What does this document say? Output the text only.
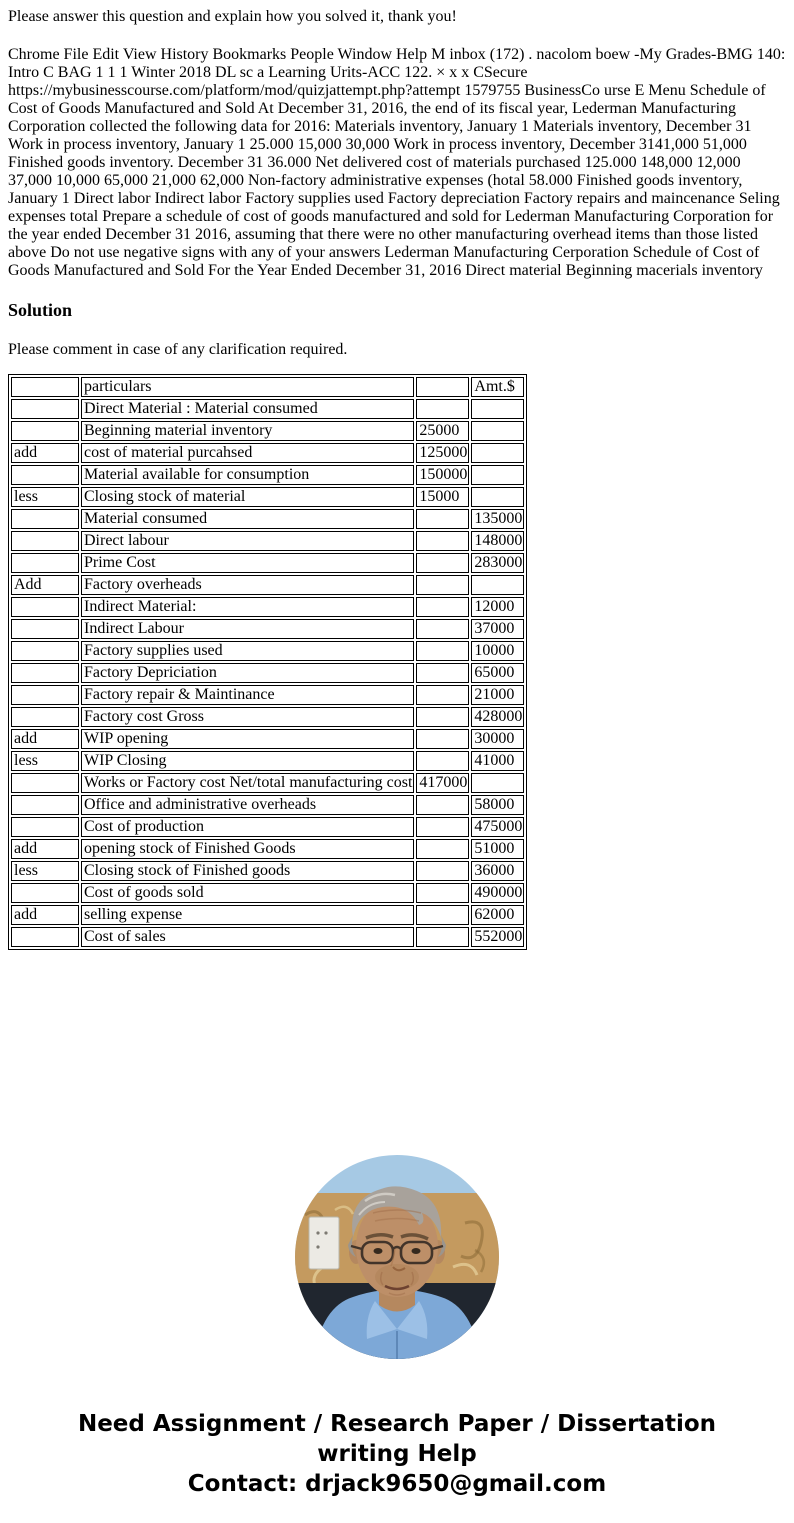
Please answer this question and explain how you solved it, thank you!

Chrome File Edit View History Bookmarks People Window Help M inbox (172) . nacolom boew -My Grades-BMG 140: Intro C BAG 1 1 1 Winter 2018 DL sc a Learning Urits-ACC 122. × x x CSecure https://mybusinesscourse.com/platform/mod/quizjattempt.php?attempt 1579755 BusinessCo urse E Menu Schedule of Cost of Goods Manufactured and Sold At December 31, 2016, the end of its fiscal year, Lederman Manufacturing Corporation collected the following data for 2016: Materials inventory, January 1 Materials inventory, December 31 Work in process inventory, January 1 25.000 15,000 30,000 Work in process inventory, December 3141,000 51,000 Finished goods inventory. December 31 36.000 Net delivered cost of materials purchased 125.000 148,000 12,000 37,000 10,000 65,000 21,000 62,000 Non-factory administrative expenses (hotal 58.000 Finished goods inventory, January 1 Direct labor Indirect labor Factory supplies used Factory depreciation Factory repairs and maincenance Seling expenses total Prepare a schedule of cost of goods manufactured and sold for Lederman Manufacturing Corporation for the year ended December 31 2016, assuming that there were no other manufacturing overhead items than those listed above Do not use negative signs with any of your answers Lederman Manufacturing Cerporation Schedule of Cost of Goods Manufactured and Sold For the Year Ended December 31, 2016 Direct material Beginning macerials inventory

Solution

Please comment in case of any clarification required.

	particulars		Amt.$
	Direct Material : Material consumed		
	Beginning material inventory	25000	
add	cost of material purcahsed	125000	
	Material available for consumption	150000	
less	Closing stock of material	15000	
	Material consumed		135000
	Direct labour		148000
	Prime Cost		283000
Add	Factory overheads		
	Indirect Material:		12000
	Indirect Labour		37000
	Factory supplies used		10000
	Factory Depriciation		65000
	Factory repair & Maintinance		21000
	Factory cost Gross		428000
add	WIP opening		30000
less	WIP Closing		41000
	Works or Factory cost Net/total manufacturing cost	417000	
	Office and administrative overheads		58000
	Cost of production		475000
add	opening stock of Finished Goods		51000
less	Closing stock of Finished goods		36000
	Cost of goods sold		490000
add	selling expense		62000
	Cost of sales		552000
Need Assignment / Research Paper / Dissertation
writing Help
Contact: drjack9650@gmail.com
